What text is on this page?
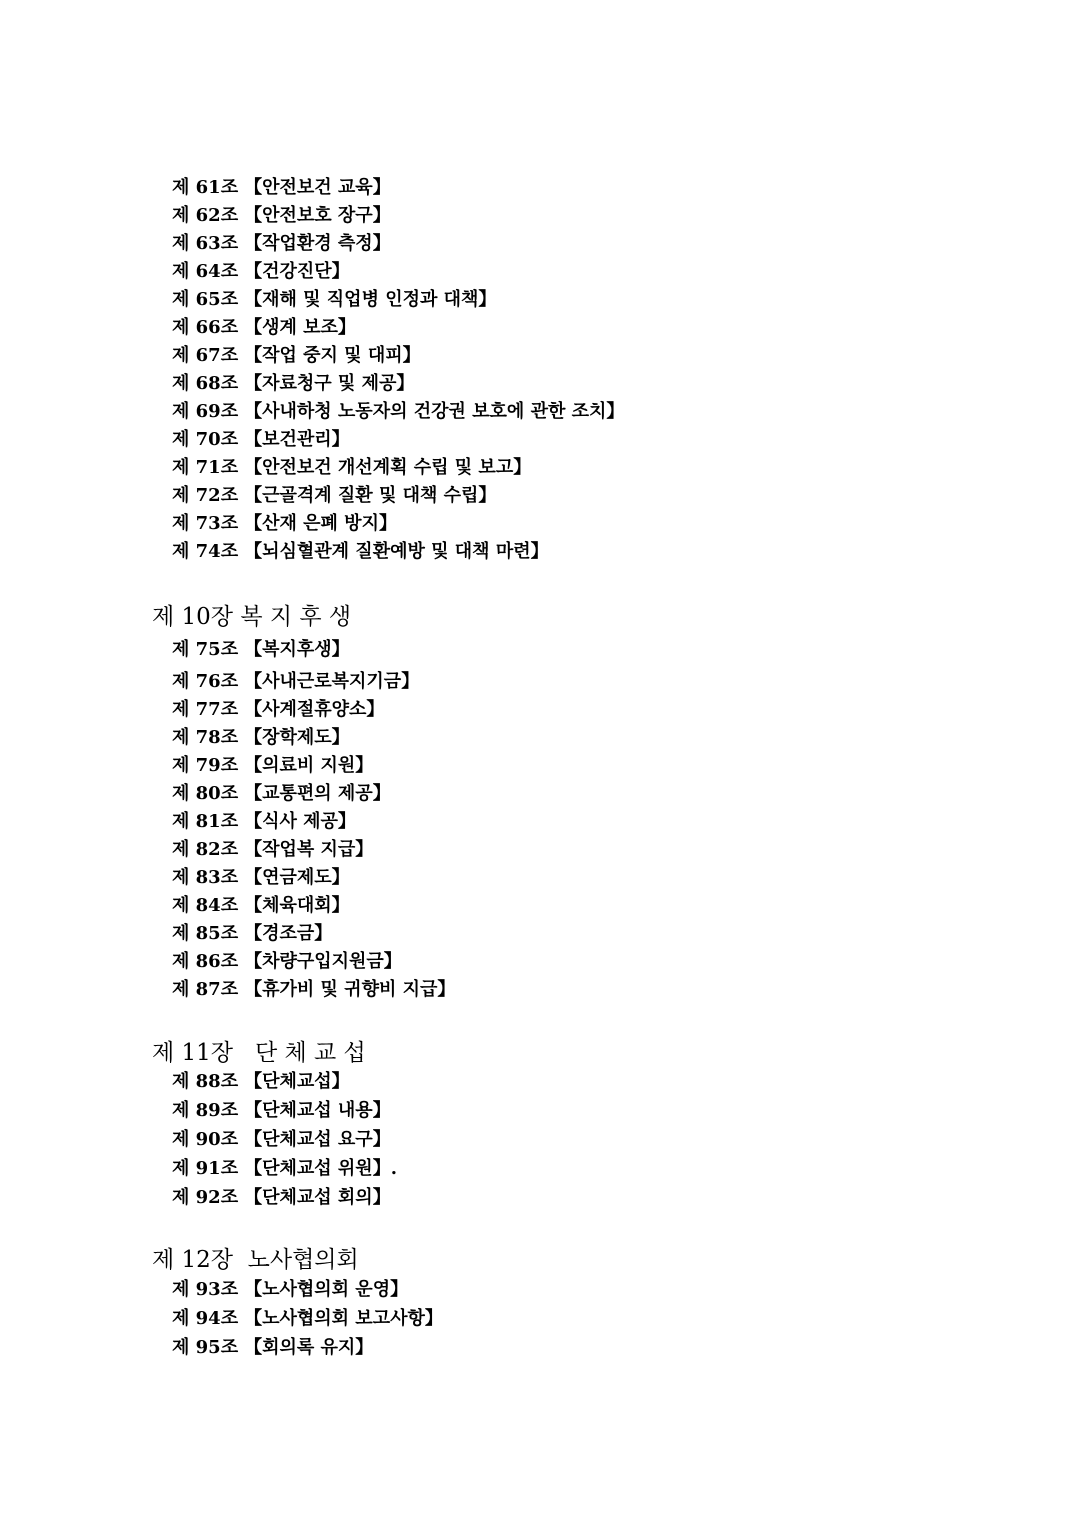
제 61조 【안전보건 교육】
제 62조 【안전보호 장구】
제 63조 【작업환경 측정】
제 64조 【건강진단】
제 65조 【재해 및 직업병 인정과 대책】
제 66조 【생계 보조】
제 67조 【작업 중지 및 대피】
제 68조 【자료청구 및 제공】
제 69조 【사내하청 노동자의 건강권 보호에 관한 조치】
제 70조 【보건관리】
제 71조 【안전보건 개선계획 수립 및 보고】
제 72조 【근골격계 질환 및 대책 수립】
제 73조 【산재 은폐 방지】
제 74조 【뇌심혈관계 질환예방 및 대책 마련】
제 10장 복 지 후 생
제 75조 【복지후생】
제 76조 【사내근로복지기금】
제 77조 【사계절휴양소】
제 78조 【장학제도】
제 79조 【의료비 지원】
제 80조 【교통편의 제공】
제 81조 【식사 제공】
제 82조 【작업복 지급】
제 83조 【연금제도】
제 84조 【체육대회】
제 85조 【경조금】
제 86조 【차량구입지원금】
제 87조 【휴가비 및 귀향비 지급】
제 11장   단 체 교 섭
제 88조 【단체교섭】
제 89조 【단체교섭 내용】
제 90조 【단체교섭 요구】
제 91조 【단체교섭 위원】.
제 92조 【단체교섭 회의】
제 12장  노사협의회
제 93조 【노사협의회 운영】
제 94조 【노사협의회 보고사항】
제 95조 【회의록 유지】
